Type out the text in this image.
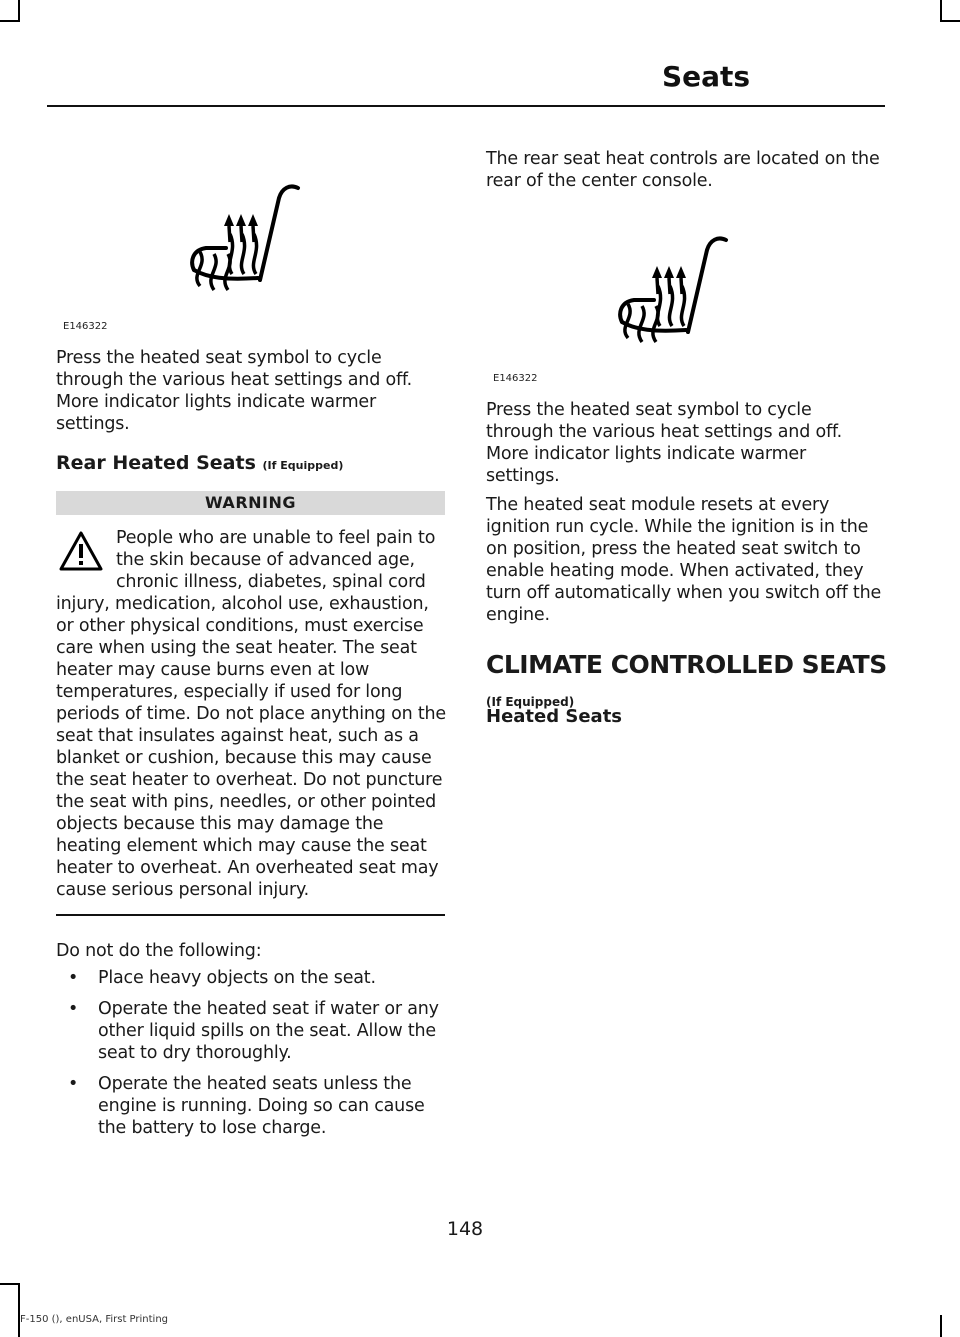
Seats
E146322

Press the heated seat symbol to cycle through the various heat settings and off. More indicator lights indicate warmer settings.

Rear Heated Seats (If Equipped)
WARNING

People who are unable to feel pain to the skin because of advanced age, chronic illness, diabetes, spinal cord injury, medication, alcohol use, exhaustion, or other physical conditions, must exercise care when using the seat heater. The seat heater may cause burns even at low temperatures, especially if used for long periods of time. Do not place anything on the seat that insulates against heat, such as a blanket or cushion, because this may cause the seat heater to overheat. Do not puncture the seat with pins, needles, or other pointed objects because this may damage the heating element which may cause the seat heater to overheat. An overheated seat may cause serious personal injury.

Do not do the following:

• Place heavy objects on the seat.
• Operate the heated seat if water or any other liquid spills on the seat. Allow the seat to dry thoroughly.
• Operate the heated seats unless the engine is running. Doing so can cause the battery to lose charge.

The rear seat heat controls are located on the rear of the center console.

E146322

Press the heated seat symbol to cycle through the various heat settings and off. More indicator lights indicate warmer settings.

The heated seat module resets at every ignition run cycle. While the ignition is in the on position, press the heated seat switch to enable heating mode. When activated, they turn off automatically when you switch off the engine.

CLIMATE CONTROLLED SEATS
(If Equipped)
Heated Seats
148
F-150 (), enUSA, First Printing
